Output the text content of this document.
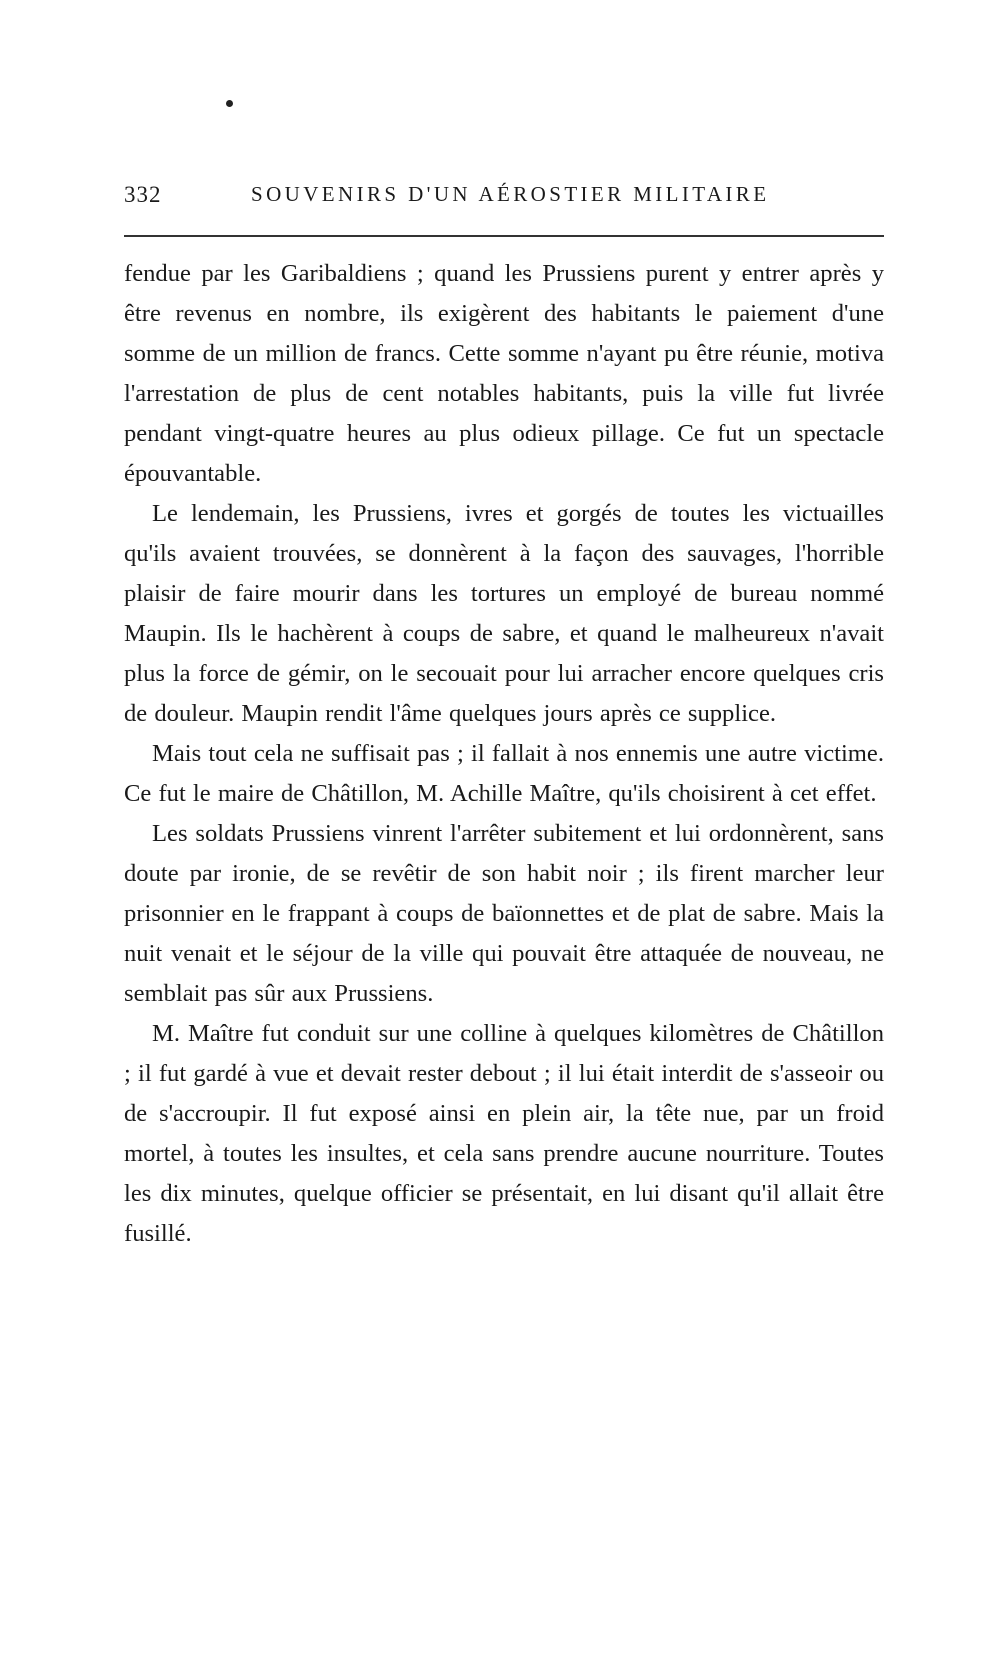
332	SOUVENIRS D'UN AÉROSTIER MILITAIRE

fendue par les Garibaldiens ; quand les Prussiens purent y entrer après y être revenus en nombre, ils exigèrent des habitants le paiement d'une somme de un million de francs. Cette somme n'ayant pu être réunie, motiva l'arrestation de plus de cent notables habitants, puis la ville fut livrée pendant vingt-quatre heures au plus odieux pillage. Ce fut un spectacle épouvantable.

Le lendemain, les Prussiens, ivres et gorgés de toutes les victuailles qu'ils avaient trouvées, se donnèrent à la façon des sauvages, l'horrible plaisir de faire mourir dans les tortures un employé de bureau nommé Maupin. Ils le hachèrent à coups de sabre, et quand le malheureux n'avait plus la force de gémir, on le secouait pour lui arracher encore quelques cris de douleur. Maupin rendit l'âme quelques jours après ce supplice.

Mais tout cela ne suffisait pas ; il fallait à nos ennemis une autre victime. Ce fut le maire de Châtillon, M. Achille Maître, qu'ils choisirent à cet effet.

Les soldats Prussiens vinrent l'arrêter subitement et lui ordonnèrent, sans doute par ironie, de se revêtir de son habit noir ; ils firent marcher leur prisonnier en le frappant à coups de baïonnettes et de plat de sabre. Mais la nuit venait et le séjour de la ville qui pouvait être attaquée de nouveau, ne semblait pas sûr aux Prussiens.

M. Maître fut conduit sur une colline à quelques kilomètres de Châtillon ; il fut gardé à vue et devait rester debout ; il lui était interdit de s'asseoir ou de s'accroupir. Il fut exposé ainsi en plein air, la tête nue, par un froid mortel, à toutes les insultes, et cela sans prendre aucune nourriture. Toutes les dix minutes, quelque officier se présentait, en lui disant qu'il allait être fusillé.
